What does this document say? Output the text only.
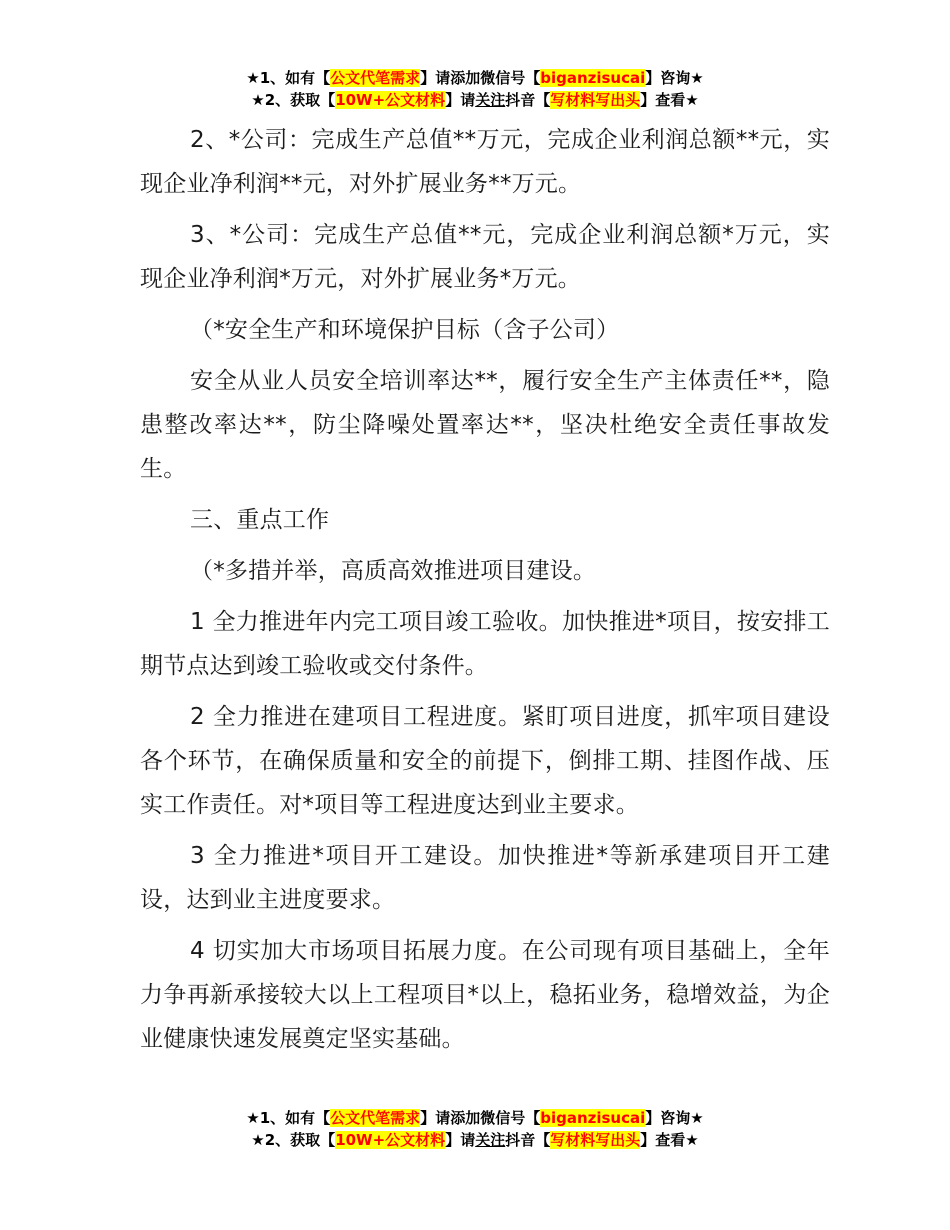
★1、如有【公文代笔需求】请添加微信号【biganzisucai】咨询★
★2、获取【10W+公文材料】请关注抖音【写材料写出头】查看★

2、*公司：完成生产总值**万元，完成企业利润总额**元，实现企业净利润**元，对外扩展业务**万元。

3、*公司：完成生产总值**元，完成企业利润总额*万元，实现企业净利润*万元，对外扩展业务*万元。

（*安全生产和环境保护目标（含子公司）

安全从业人员安全培训率达**，履行安全生产主体责任**，隐患整改率达**，防尘降噪处置率达**，坚决杜绝安全责任事故发生。

三、重点工作

（*多措并举，高质高效推进项目建设。

1 全力推进年内完工项目竣工验收。加快推进*项目，按安排工期节点达到竣工验收或交付条件。

2 全力推进在建项目工程进度。紧盯项目进度，抓牢项目建设各个环节，在确保质量和安全的前提下，倒排工期、挂图作战、压实工作责任。对*项目等工程进度达到业主要求。

3 全力推进*项目开工建设。加快推进*等新承建项目开工建设，达到业主进度要求。

4 切实加大市场项目拓展力度。在公司现有项目基础上，全年力争再新承接较大以上工程项目*以上，稳拓业务，稳增效益，为企业健康快速发展奠定坚实基础。

★1、如有【公文代笔需求】请添加微信号【biganzisucai】咨询★
★2、获取【10W+公文材料】请关注抖音【写材料写出头】查看★
